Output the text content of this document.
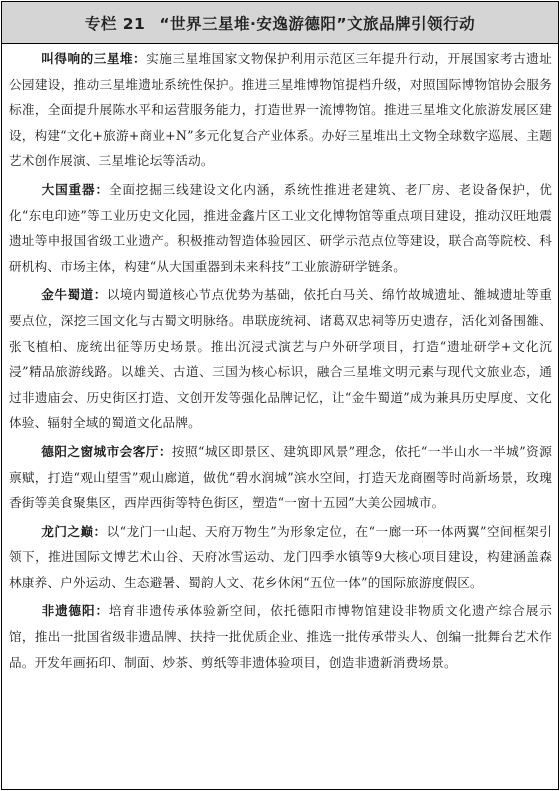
专栏 21 “世界三星堆·安逸游德阳”文旅品牌引领行动

叫得响的三星堆：实施三星堆国家文物保护利用示范区三年提升行动，开展国家考古遗址公园建设，推动三星堆遗址系统性保护。推进三星堆博物馆提档升级，对照国际博物馆协会服务标准，全面提升展陈水平和运营服务能力，打造世界一流博物馆。推进三星堆文化旅游发展区建设，构建“文化+旅游+商业+N”多元化复合产业体系。办好三星堆出土文物全球数字巡展、主题艺术创作展演、三星堆论坛等活动。

大国重器：全面挖掘三线建设文化内涵，系统性推进老建筑、老厂房、老设备保护，优化“东电印迹”等工业历史文化园，推进金鑫片区工业文化博物馆等重点项目建设，推动汉旺地震遗址等申报国省级工业遗产。积极推动智造体验园区、研学示范点位等建设，联合高等院校、科研机构、市场主体，构建“从大国重器到未来科技”工业旅游研学链条。

金牛蜀道：以境内蜀道核心节点优势为基础，依托白马关、绵竹故城遗址、雒城遗址等重要点位，深挖三国文化与古蜀文明脉络。串联庞统祠、诸葛双忠祠等历史遗存，活化刘备围雒、张飞植柏、庞统出征等历史场景。推出沉浸式演艺与户外研学项目，打造“遗址研学+文化沉浸”精品旅游线路。以雄关、古道、三国为核心标识，融合三星堆文明元素与现代文旅业态，通过非遗庙会、历史街区打造、文创开发等强化品牌记忆，让“金牛蜀道”成为兼具历史厚度、文化体验、辐射全域的蜀道文化品牌。

德阳之窗城市会客厅：按照“城区即景区、建筑即风景”理念，依托“一半山水一半城”资源禀赋，打造“观山望雪”观山廊道，做优“碧水润城”滨水空间，打造天龙商圈等时尚新场景，玫瑰香街等美食聚集区，西岸西街等特色街区，塑造“一窗十五园”大美公园城市。

龙门之巅：以“龙门一山起、天府万物生”为形象定位，在“一廊一环一体两翼”空间框架引领下，推进国际文博艺术山谷、天府冰雪运动、龙门四季水镇等9大核心项目建设，构建涵盖森林康养、户外运动、生态避暑、蜀韵人文、花乡休闲“五位一体”的国际旅游度假区。

非遗德阳：培育非遗传承体验新空间，依托德阳市博物馆建设非物质文化遗产综合展示馆，推出一批国省级非遗品牌、扶持一批优质企业、推选一批传承带头人、创编一批舞台艺术作品。开发年画拓印、制面、炒茶、剪纸等非遗体验项目，创造非遗新消费场景。
